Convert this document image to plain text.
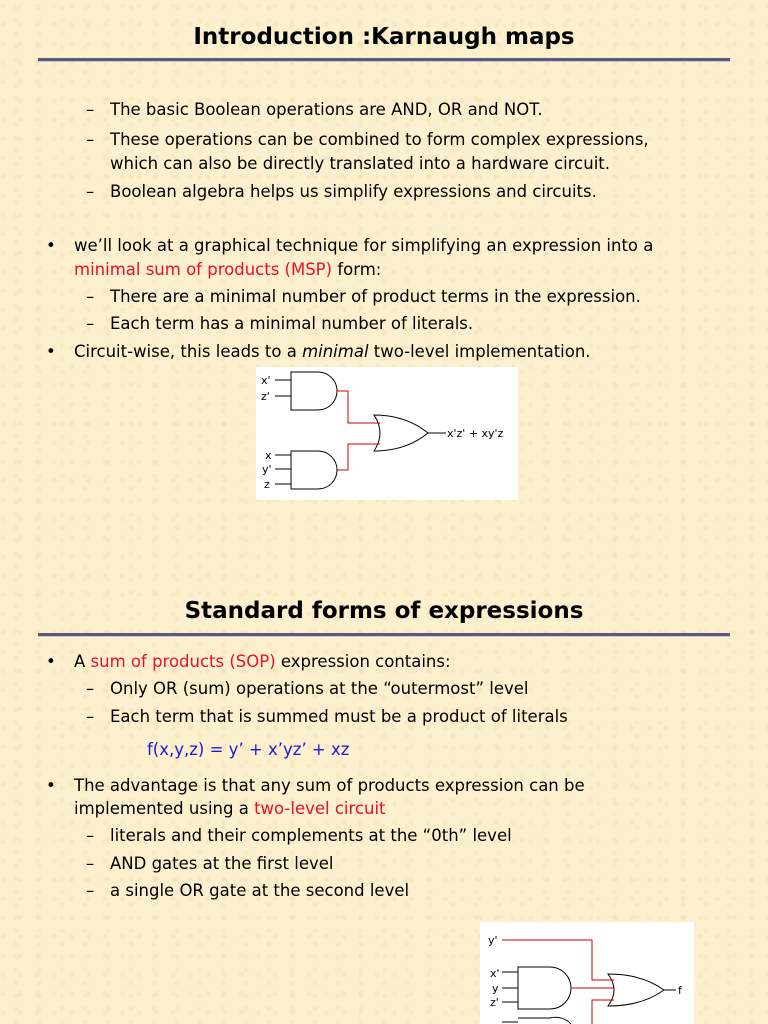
Introduction :Karnaugh maps
– The basic Boolean operations are AND, OR and NOT.
– These operations can be combined to form complex expressions,
which can also be directly translated into a hardware circuit.
– Boolean algebra helps us simplify expressions and circuits.
• we’ll look at a graphical technique for simplifying an expression into a
minimal sum of products (MSP) form:
– There are a minimal number of product terms in the expression.
– Each term has a minimal number of literals.
• Circuit-wise, this leads to a minimal two-level implementation.
x'
z'
x
y'
z
x'z' + xy'z
Standard forms of expressions
• A sum of products (SOP) expression contains:
– Only OR (sum) operations at the “outermost” level
– Each term that is summed must be a product of literals
f(x,y,z) = y’ + x’yz’ + xz
• The advantage is that any sum of products expression can be
implemented using a two-level circuit
– literals and their complements at the “0th” level
– AND gates at the first level
– a single OR gate at the second level
y'
x'
y
z'
f
